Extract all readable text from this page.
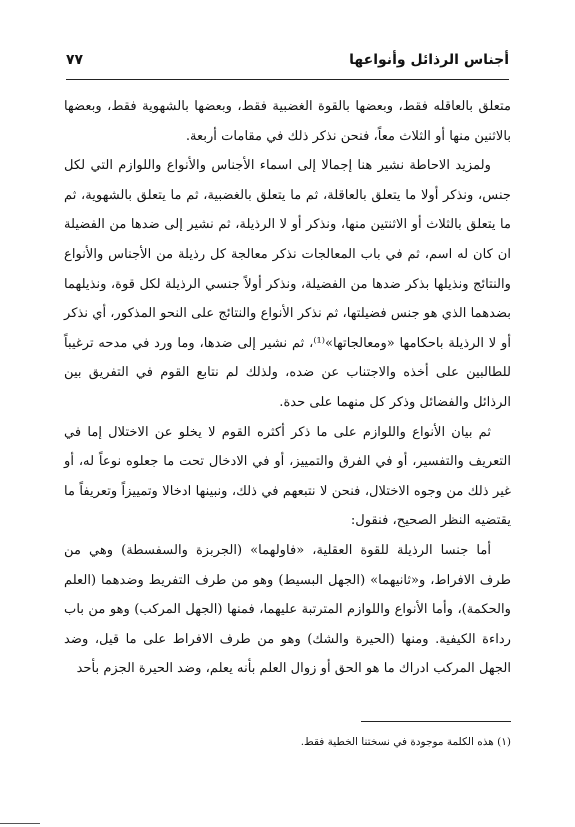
أجناس الرذائل وأنواعها
٧٧

متعلق بالعاقله فقط، وبعضها بالقوة الغضبية فقط، وبعضها بالشهوية فقط، وبعضها بالاثنين منها أو الثلاث معاً، فنحن نذكر ذلك في مقامات أربعة.

ولمزيد الاحاطة نشير هنا إجمالا إلى اسماء الأجناس والأنواع واللوازم التي لكل جنس، ونذكر أولا ما يتعلق بالعاقلة، ثم ما يتعلق بالغضبية، ثم ما يتعلق بالشهوية، ثم ما يتعلق بالثلاث أو الاثنتين منها، ونذكر أو لا الرذيلة، ثم نشير إلى ضدها من الفضيلة ان كان له اسم، ثم في باب المعالجات نذكر معالجة كل رذيلة من الأجناس والأنواع والنتائج ونذيلها بذكر ضدها من الفضيلة، ونذكر أولاً جنسي الرذيلة لكل قوة، ونذيلهما بضدهما الذي هو جنس فضيلتها، ثم نذكر الأنواع والنتائج على النحو المذكور، أي نذكر أو لا الرذيلة باحكامها «ومعالجاتها»⁽¹⁾، ثم نشير إلى ضدها، وما ورد في مدحه ترغيباً للطالبين على أخذه والاجتناب عن ضده، ولذلك لم نتابع القوم في التفريق بين الرذائل والفضائل وذكر كل منهما على حدة.

ثم بيان الأنواع واللوازم على ما ذكر أكثره القوم لا يخلو عن الاختلال إما في التعريف والتفسير، أو في الفرق والتمييز، أو في الادخال تحت ما جعلوه نوعاً له، أو غير ذلك من وجوه الاختلال، فنحن لا نتبعهم في ذلك، ونبينها ادخالا وتمييزاً وتعريفاً ما يقتضيه النظر الصحيح، فنقول:

أما جنسا الرذيلة للقوة العقلية، «فاولهما» (الجربزة والسفسطة) وهي من طرف الافراط، و«ثانيهما» (الجهل البسيط) وهو من طرف التفريط وضدهما (العلم والحكمة)، وأما الأنواع واللوازم المترتبة عليهما، فمنها (الجهل المركب) وهو من باب رداءة الكيفية. ومنها (الحيرة والشك) وهو من طرف الافراط على ما قيل، وضد الجهل المركب ادراك ما هو الحق أو زوال العلم بأنه يعلم، وضد الحيرة الجزم بأحد

(١) هذه الكلمة موجودة في نسختنا الخطية فقط.
